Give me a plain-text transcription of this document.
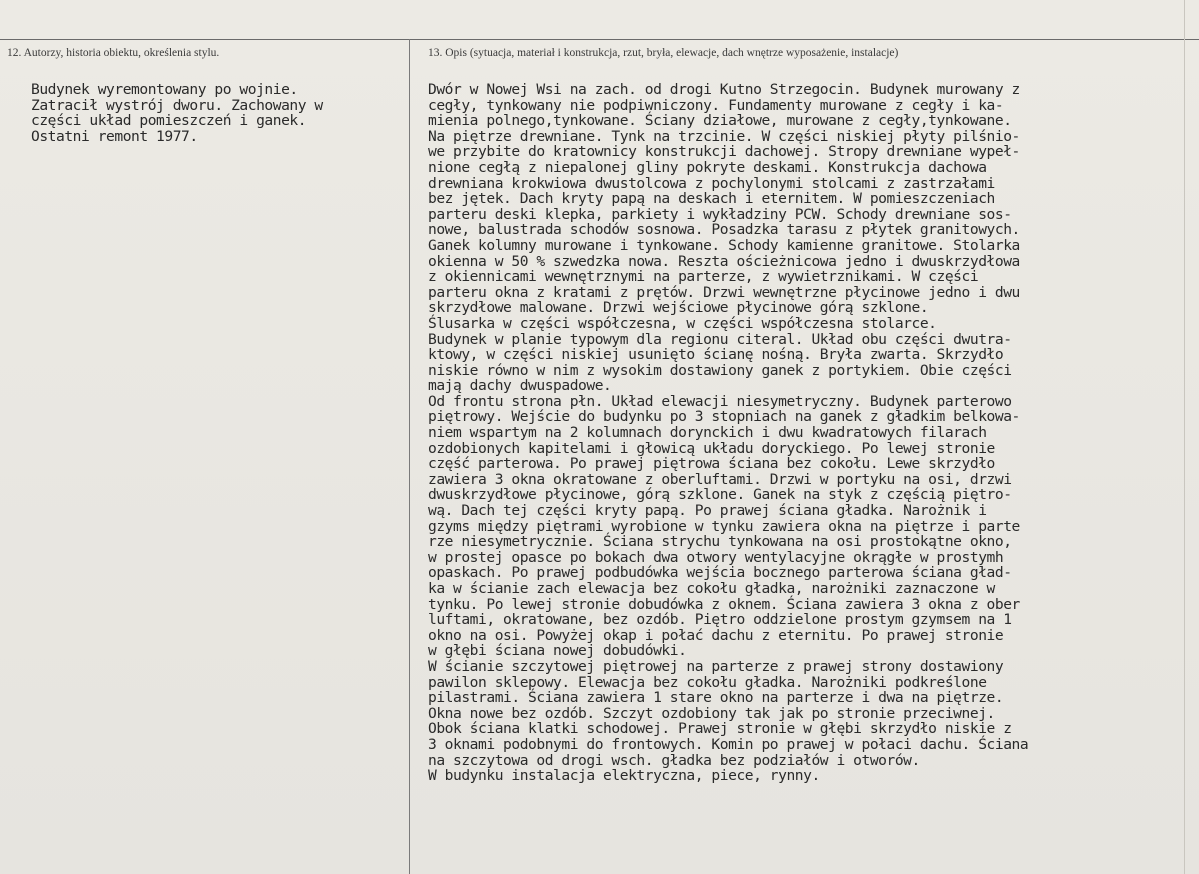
12. Autorzy, historia obiektu, określenia stylu.	13. Opis (sytuacja, materiał i konstrukcja, rzut, bryła, elewacje, dach wnętrze wyposażenie, instalacje)
Budynek wyremontowany po wojnie.
Zatracił wystrój dworu. Zachowany w
części układ pomieszczeń i ganek.
Ostatni remont 1977.
Dwór w Nowej Wsi na zach. od drogi Kutno Strzegocin. Budynek murowany z
cegły, tynkowany nie podpiwniczony. Fundamenty murowane z cegły i ka-
mienia polnego,tynkowane. Ściany działowe, murowane z cegły,tynkowane.
Na piętrze drewniane. Tynk na trzcinie. W części niskiej płyty pilśnio-
we przybite do kratownicy konstrukcji dachowej. Stropy drewniane wypeł-
nione cegłą z niepalonej gliny pokryte deskami. Konstrukcja dachowa
drewniana krokwiowa dwustolcowa z pochylonymi stolcami z zastrzałami
bez jętek. Dach kryty papą na deskach i eternitem. W pomieszczeniach
parteru deski klepka, parkiety i wykładziny PCW. Schody drewniane sos-
nowe, balustrada schodów sosnowa. Posadzka tarasu z płytek granitowych.
Ganek kolumny murowane i tynkowane. Schody kamienne granitowe. Stolarka
okienna w 50 % szwedzka nowa. Reszta ościeżnicowa jedno i dwuskrzydłowa
z okiennicami wewnętrznymi na parterze, z wywietrznikami. W części
parteru okna z kratami z prętów. Drzwi wewnętrzne płycinowe jedno i dwu
skrzydłowe malowane. Drzwi wejściowe płycinowe górą szklone.
Ślusarka w części współczesna, w części współczesna stolarce.
Budynek w planie typowym dla regionu citeral. Układ obu części dwutra-
ktowy, w części niskiej usunięto ścianę nośną. Bryła zwarta. Skrzydło
niskie równo w nim z wysokim dostawiony ganek z portykiem. Obie części
mają dachy dwuspadowe.
Od frontu strona płn. Układ elewacji niesymetryczny. Budynek parterowo
piętrowy. Wejście do budynku po 3 stopniach na ganek z gładkim belkowa-
niem wspartym na 2 kolumnach dorynckich i dwu kwadratowych filarach
ozdobionych kapitelami i głowicą układu doryckiego. Po lewej stronie
część parterowa. Po prawej piętrowa ściana bez cokołu. Lewe skrzydło
zawiera 3 okna okratowane z oberluftami. Drzwi w portyku na osi, drzwi
dwuskrzydłowe płycinowe, górą szklone. Ganek na styk z częścią piętro-
wą. Dach tej części kryty papą. Po prawej ściana gładka. Narożnik i
gzyms między piętrami wyrobione w tynku zawiera okna na piętrze i parte
rze niesymetrycznie. Ściana strychu tynkowana na osi prostokątne okno,
w prostej opasce po bokach dwa otwory wentylacyjne okrągłe w prostymh
opaskach. Po prawej podbudówka wejścia bocznego parterowa ściana gład-
ka w ścianie zach elewacja bez cokołu gładka, narożniki zaznaczone w
tynku. Po lewej stronie dobudówka z oknem. Ściana zawiera 3 okna z ober
luftami, okratowane, bez ozdób. Piętro oddzielone prostym gzymsem na 1
okno na osi. Powyżej okap i połać dachu z eternitu. Po prawej stronie
w głębi ściana nowej dobudówki.
W ścianie szczytowej piętrowej na parterze z prawej strony dostawiony
pawilon sklepowy. Elewacja bez cokołu gładka. Narożniki podkreślone
pilastrami. Ściana zawiera 1 stare okno na parterze i dwa na piętrze.
Okna nowe bez ozdób. Szczyt ozdobiony tak jak po stronie przeciwnej.
Obok ściana klatki schodowej. Prawej stronie w głębi skrzydło niskie z
3 oknami podobnymi do frontowych. Komin po prawej w połaci dachu. Ściana
na szczytowa od drogi wsch. gładka bez podziałów i otworów.
W budynku instalacja elektryczna, piece, rynny.
